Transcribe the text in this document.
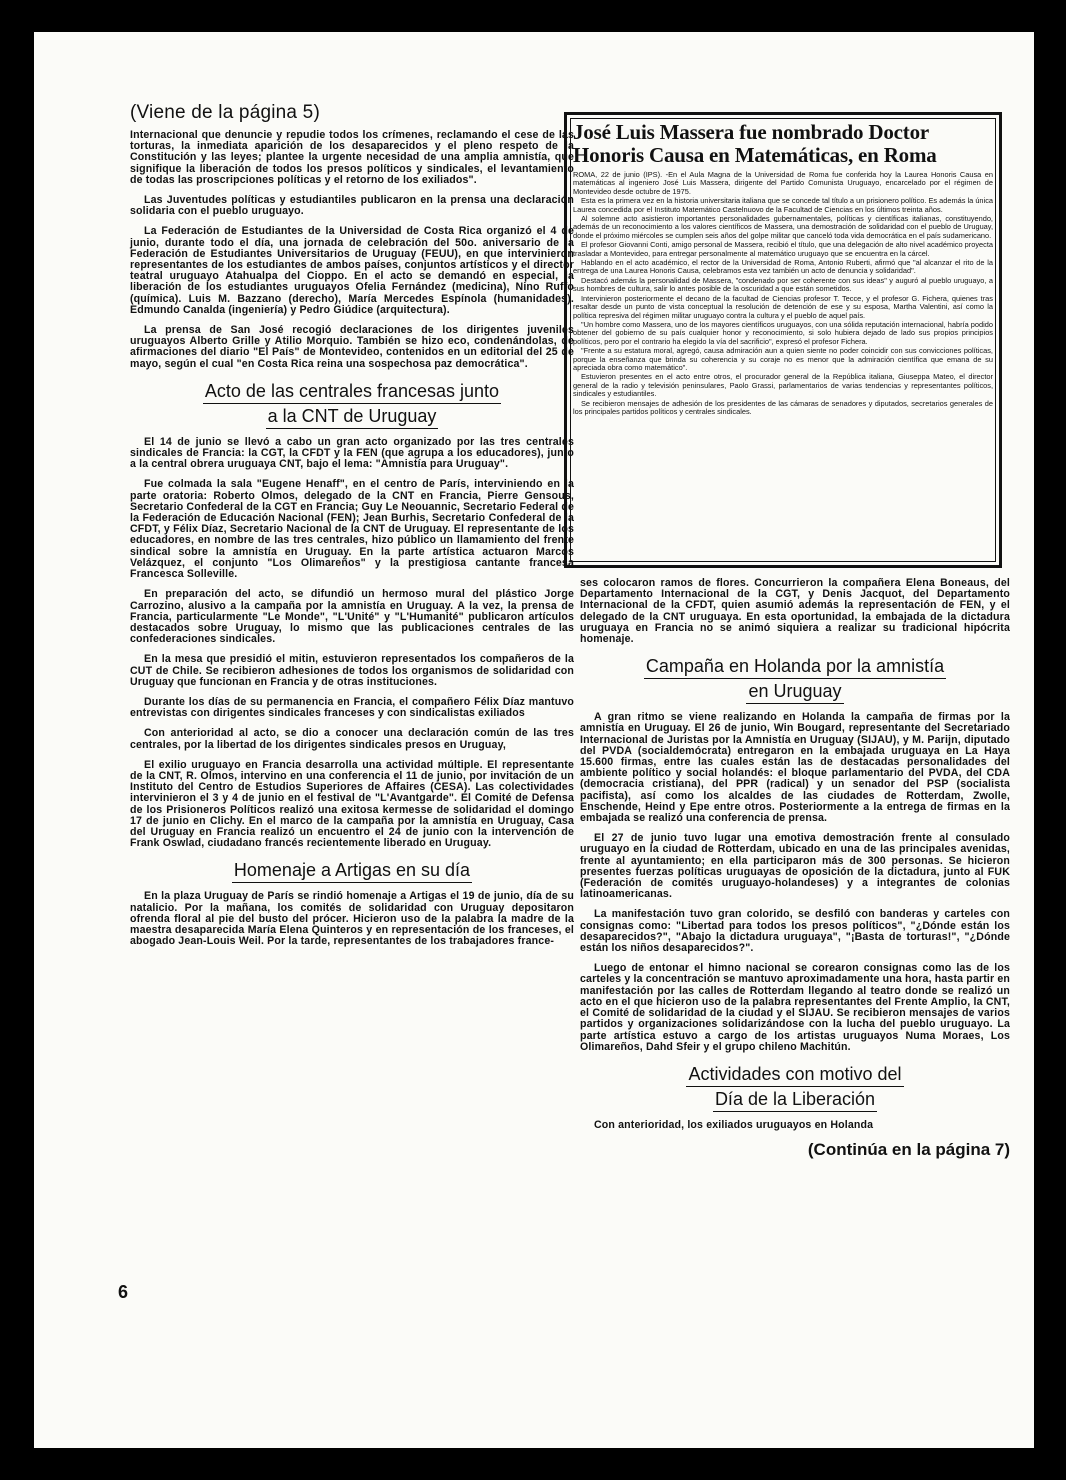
(Viene de la página 5)

Internacional que denuncie y repudie todos los crímenes, reclamando el cese de las torturas, la inmediata aparición de los desaparecidos y el pleno respeto de la Constitución y las leyes; plantee la urgente necesidad de una amplia amnistía, que signifique la liberación de todos los presos políticos y sindicales, el levantamiento de todas las proscripciones políticas y el retorno de los exiliados".

Las Juventudes políticas y estudiantiles publicaron en la prensa una declaración solidaria con el pueblo uruguayo.

La Federación de Estudiantes de la Universidad de Costa Rica organizó el 4 de junio, durante todo el día, una jornada de celebración del 50o. aniversario de la Federación de Estudiantes Universitarios de Uruguay (FEUU), en que intervinieron representantes de los estudiantes de ambos países, conjuntos artísticos y el director teatral uruguayo Atahualpa del Cioppo. En el acto se demandó en especial, la liberación de los estudiantes uruguayos Ofelia Fernández (medicina), Nino Ruffo (química). Luis M. Bazzano (derecho), María Mercedes Espínola (humanidades). Edmundo Canalda (ingeniería) y Pedro Giúdice (arquitectura).

La prensa de San José recogió declaraciones de los dirigentes juveniles uruguayos Alberto Grille y Atilio Morquio. También se hizo eco, condenándolas, de afirmaciones del diario "El País" de Montevideo, contenidos en un editorial del 25 de mayo, según el cual "en Costa Rica reina una sospechosa paz democrática".

Acto de las centrales francesas junto
a la CNT de Uruguay

El 14 de junio se llevó a cabo un gran acto organizado por las tres centrales sindicales de Francia: la CGT, la CFDT y la FEN (que agrupa a los educadores), junto a la central obrera uruguaya CNT, bajo el lema: "Amnistía para Uruguay".

Fue colmada la sala "Eugene Henaff", en el centro de París, interviniendo en la parte oratoria: Roberto Olmos, delegado de la CNT en Francia, Pierre Gensous, Secretario Confederal de la CGT en Francia; Guy Le Neouannic, Secretario Federal de la Federación de Educación Nacional (FEN); Jean Burhis, Secretario Confederal de la CFDT, y Félix Díaz, Secretario Nacional de la CNT de Uruguay. El representante de los educadores, en nombre de las tres centrales, hizo público un llamamiento del frente sindical sobre la amnistía en Uruguay. En la parte artística actuaron Marcos Velázquez, el conjunto "Los Olimareños" y la prestigiosa cantante francesa Francesca Solleville.

En preparación del acto, se difundió un hermoso mural del plástico Jorge Carrozino, alusivo a la campaña por la amnistía en Uruguay. A la vez, la prensa de Francia, particularmente "Le Monde", "L'Unité" y "L'Humanité" publicaron artículos destacados sobre Uruguay, lo mismo que las publicaciones centrales de las confederaciones sindicales.

En la mesa que presidió el mitin, estuvieron representados los compañeros de la CUT de Chile. Se recibieron adhesiones de todos los organismos de solidaridad con Uruguay que funcionan en Francia y de otras instituciones.

Durante los días de su permanencia en Francia, el compañero Félix Díaz mantuvo entrevistas con dirigentes sindicales franceses y con sindicalistas exiliados

Con anterioridad al acto, se dio a conocer una declaración común de las tres centrales, por la libertad de los dirigentes sindicales presos en Uruguay,

El exilio uruguayo en Francia desarrolla una actividad múltiple. El representante de la CNT, R. Olmos, intervino en una conferencia el 11 de junio, por invitación de un Instituto del Centro de Estudios Superiores de Affaires (CESA). Las colectividades intervinieron el 3 y 4 de junio en el festival de "L'Avantgarde". El Comité de Defensa de los Prisioneros Políticos realizó una exitosa kermesse de solidaridad el domingo 17 de junio en Clichy. En el marco de la campaña por la amnistía en Uruguay, Casa del Uruguay en Francia realizó un encuentro el 24 de junio con la intervención de Frank Oswlad, ciudadano francés recientemente liberado en Uruguay.

Homenaje a Artigas en su día

En la plaza Uruguay de París se rindió homenaje a Artigas el 19 de junio, día de su natalicio. Por la mañana, los comités de solidaridad con Uruguay depositaron ofrenda floral al pie del busto del prócer. Hicieron uso de la palabra la madre de la maestra desaparecida María Elena Quinteros y en representación de los franceses, el abogado Jean-Louis Weil. Por la tarde, representantes de los trabajadores france-

6
José Luis Massera fue nombrado Doctor
Honoris Causa en Matemáticas, en Roma

ROMA, 22 de junio (IPS). -En el Aula Magna de la Universidad de Roma fue conferida hoy la Laurea Honoris Causa en matemáticas al ingeniero José Luis Massera, dirigente del Partido Comunista Uruguayo, encarcelado por el régimen de Montevideo desde octubre de 1975.

Esta es la primera vez en la historia universitaria italiana que se concede tal título a un prisionero político. Es además la única Laurea concedida por el Instituto Matemático Castelnuovo de la Facultad de Ciencias en los últimos treinta años.

Al solemne acto asistieron importantes personalidades gubernamentales, políticas y científicas italianas, constituyendo, además de un reconocimiento a los valores científicos de Massera, una demostración de solidaridad con el pueblo de Uruguay, donde el próximo miércoles se cumplen seis años del golpe militar que canceló toda vida democrática en el país sudamericano.

El profesor Giovanni Conti, amigo personal de Massera, recibió el título, que una delegación de alto nivel académico proyecta trasladar a Montevideo, para entregar personalmente al matemático uruguayo que se encuentra en la cárcel.

Hablando en el acto académico, el rector de la Universidad de Roma, Antonio Ruberti, afirmó que "al alcanzar el rito de la entrega de una Laurea Honoris Causa, celebramos esta vez también un acto de denuncia y solidaridad".

Destacó además la personalidad de Massera, "condenado por ser coherente con sus ideas" y auguró al pueblo uruguayo, a sus hombres de cultura, salir lo antes posible de la oscuridad a que están sometidos.

Intervinieron posteriormente el decano de la facultad de Ciencias profesor T. Tecce, y el profesor G. Fichera, quienes tras resaltar desde un punto de vista conceptual la resolución de detención de ese y su esposa, Martha Valentini, así como la política represiva del régimen militar uruguayo contra la cultura y el pueblo de aquel país.

"Un hombre como Massera, uno de los mayores científicos uruguayos, con una sólida reputación internacional, habría podido obtener del gobierno de su país cualquier honor y reconocimiento, si solo hubiera dejado de lado sus propios principios políticos, pero por el contrario ha elegido la vía del sacrificio", expresó el profesor Fichera.

"Frente a su estatura moral, agregó, causa admiración aun a quien siente no poder coincidir con sus convicciones políticas, porque la enseñanza que brinda su coherencia y su coraje no es menor que la admiración científica que emana de su apreciada obra como matemático".

Estuvieron presentes en el acto entre otros, el procurador general de la República italiana, Giuseppa Mateo, el director general de la radio y televisión peninsulares, Paolo Grassi, parlamentarios de varias tendencias y representantes políticos, sindicales y estudiantiles.

Se recibieron mensajes de adhesión de los presidentes de las cámaras de senadores y diputados, secretarios generales de los principales partidos políticos y centrales sindicales.

ses colocaron ramos de flores. Concurrieron la compañera Elena Boneaus, del Departamento Internacional de la CGT, y Denis Jacquot, del Departamento Internacional de la CFDT, quien asumió además la representación de FEN, y el delegado de la CNT uruguaya. En esta oportunidad, la embajada de la dictadura uruguaya en Francia no se animó siquiera a realizar su tradicional hipócrita homenaje.

Campaña en Holanda por la amnistía
en Uruguay

A gran ritmo se viene realizando en Holanda la campaña de firmas por la amnistía en Uruguay. El 26 de junio, Win Bougard, representante del Secretariado Internacional de Juristas por la Amnistía en Uruguay (SIJAU), y M. Parijn, diputado del PVDA (socialdemócrata) entregaron en la embajada uruguaya en La Haya 15.600 firmas, entre las cuales están las de destacadas personalidades del ambiente político y social holandés: el bloque parlamentario del PVDA, del CDA (democracia cristiana), del PPR (radical) y un senador del PSP (socialista pacifista), así como los alcaldes de las ciudades de Rotterdam, Zwolle, Enschende, Heind y Epe entre otros. Posteriormente a la entrega de firmas en la embajada se realizó una conferencia de prensa.

El 27 de junio tuvo lugar una emotiva demostración frente al consulado uruguayo en la ciudad de Rotterdam, ubicado en una de las principales avenidas, frente al ayuntamiento; en ella participaron más de 300 personas. Se hicieron presentes fuerzas políticas uruguayas de oposición de la dictadura, junto al FUK (Federación de comités uruguayo-holandeses) y a integrantes de colonias latinoamericanas.

La manifestación tuvo gran colorido, se desfiló con banderas y carteles con consignas como: "Libertad para todos los presos políticos", "¿Dónde están los desaparecidos?", "Abajo la dictadura uruguaya", "¡Basta de torturas!", "¿Dónde están los niños desaparecidos?".

Luego de entonar el himno nacional se corearon consignas como las de los carteles y la concentración se mantuvo aproximadamente una hora, hasta partir en manifestación por las calles de Rotterdam llegando al teatro donde se realizó un acto en el que hicieron uso de la palabra representantes del Frente Amplio, la CNT, el Comité de solidaridad de la ciudad y el SIJAU. Se recibieron mensajes de varios partidos y organizaciones solidarizándose con la lucha del pueblo uruguayo. La parte artística estuvo a cargo de los artistas uruguayos Numa Moraes, Los Olimareños, Dahd Sfeir y el grupo chileno Machitún.

Actividades con motivo del
Día de la Liberación

Con anterioridad, los exiliados uruguayos en Holanda

(Continúa en la página 7)
